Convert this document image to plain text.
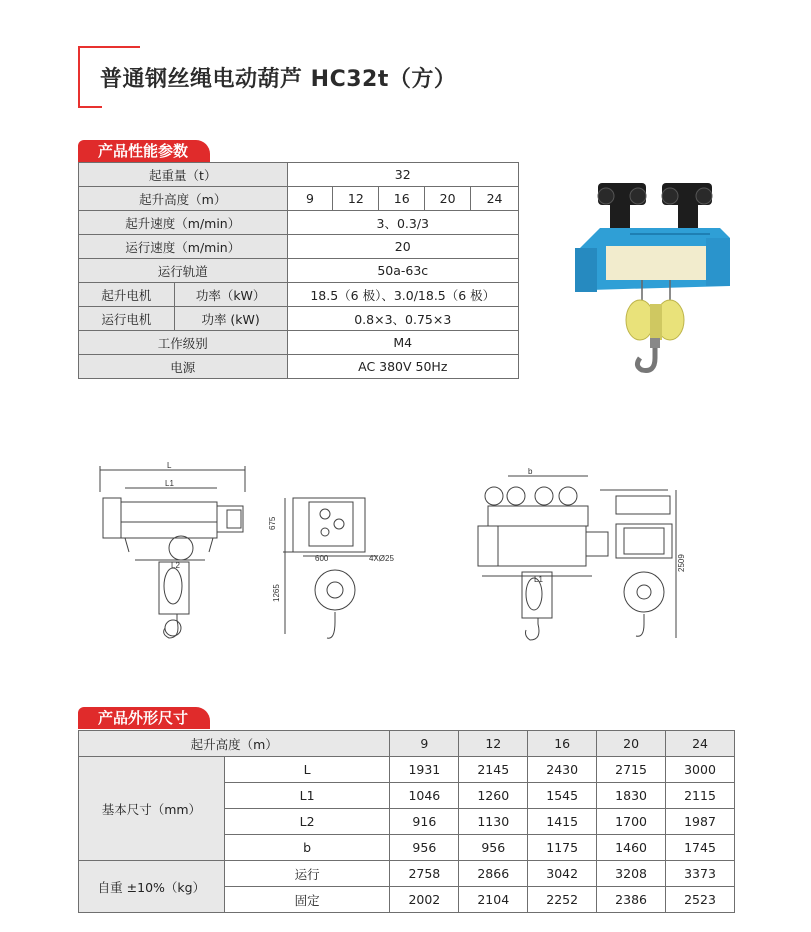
普通钢丝绳电动葫芦 HC32t（方）
产品性能参数
起重量（t）		32				
起升高度（m）		9	12	16	20	24
起升速度（m/min）		3、0.3/3				
运行速度（m/min）		20				
运行轨道		50a-63c				
起升电机	功率（kW）	18.5（6 极）、3.0/18.5（6 极）				
运行电机	功率 (kW)	0.8×3、0.75×3				
工作级别		M4				
电源		AC 380V 50Hz				
L
L1
L2
675
600	4XØ25
1265
b
L1
2509
产品外形尺寸
起升高度（m）		9	12	16	20	24
基本尺寸（mm）	L	1931	2145	2430	2715	3000
	L1	1046	1260	1545	1830	2115
	L2	916	1130	1415	1700	1987
	b	956	956	1175	1460	1745
自重 ±10%（kg）	运行	2758	2866	3042	3208	3373
	固定	2002	2104	2252	2386	2523
